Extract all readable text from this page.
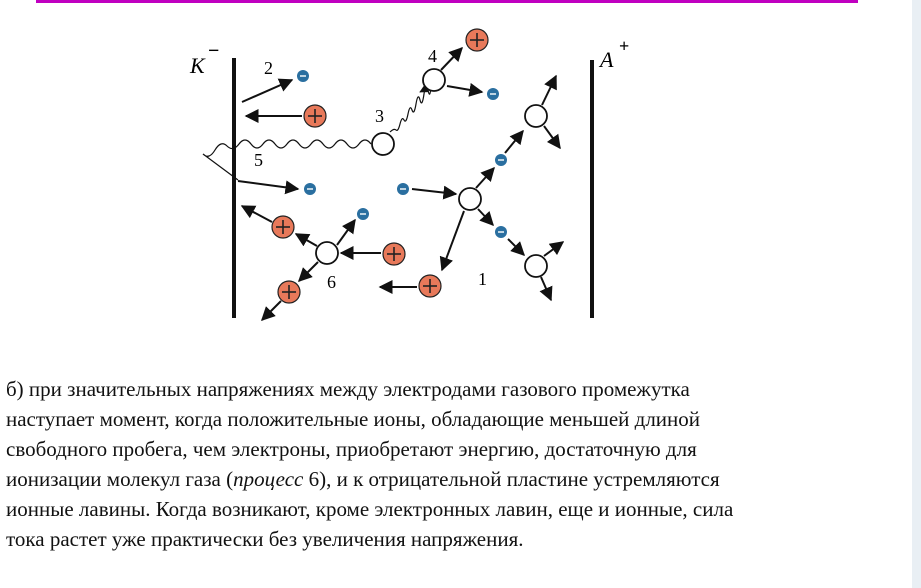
K
−	A
+
2
3
4
5
6	1

б) при значительных напряжениях между электродами газового промежутка
наступает момент, когда положительные ионы, обладающие меньшей длиной
свободного пробега, чем электроны, приобретают энергию, достаточную для
ионизации молекул газа (процесс 6), и к отрицательной пластине устремляются
ионные лавины. Когда возникают, кроме электронных лавин, еще и ионные, сила
тока растет уже практически без увеличения напряжения.
